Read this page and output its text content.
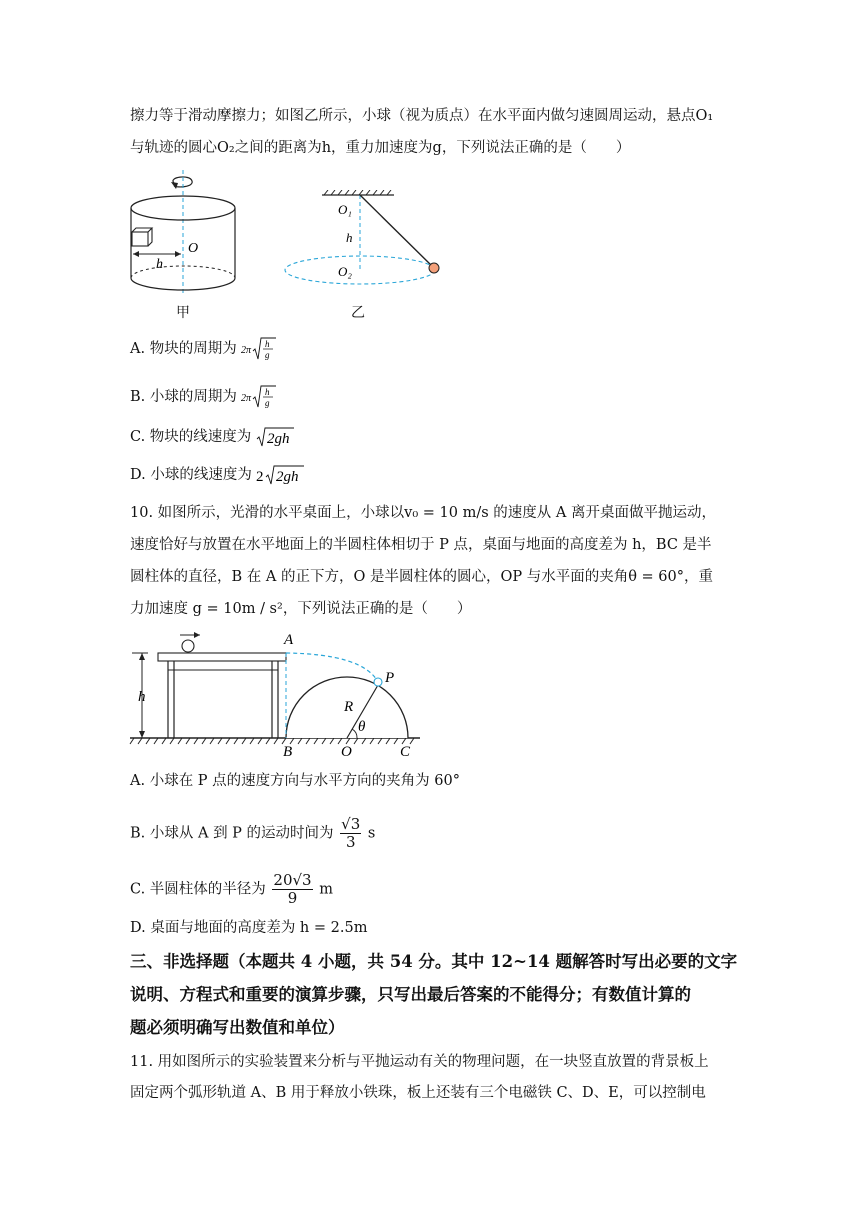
擦力等于滑动摩擦力；如图乙所示，小球（视为质点）在水平面内做匀速圆周运动，悬点O₁
与轨迹的圆心O₂之间的距离为h，重力加速度为g，下列说法正确的是（　　）
h
O
甲
O₁
h
O₂
乙
A. 物块的周期为 2π
h
g
B. 小球的周期为 2π
h
g
C. 物块的线速度为 2gh
D. 小球的线速度为 2 2gh
10. 如图所示，光滑的水平桌面上，小球以v₀ = 10 m/s 的速度从 A 离开桌面做平抛运动，
速度恰好与放置在水平地面上的半圆柱体相切于 P 点，桌面与地面的高度差为 h，BC 是半
圆柱体的直径，B 在 A 的正下方，O 是半圆柱体的圆心，OP 与水平面的夹角θ = 60°，重
力加速度 g = 10m / s²，下列说法正确的是（　　）
h
A
P
R
θ
B	O	C
A. 小球在 P 点的速度方向与水平方向的夹角为 60°
B. 小球从 A 到 P 的运动时间为 $\frac{√3}{3}$ s
C. 半圆柱体的半径为 $\frac{20√3}{9}$ m
D. 桌面与地面的高度差为 h = 2.5m
三、非选择题（本题共 4 小题，共 54 分。其中 12~14 题解答时写出必要的文字
说明、方程式和重要的演算步骤，只写出最后答案的不能得分；有数值计算的
题必须明确写出数值和单位）
11. 用如图所示的实验装置来分析与平抛运动有关的物理问题，在一块竖直放置的背景板上
固定两个弧形轨道 A、B 用于释放小铁珠，板上还装有三个电磁铁 C、D、E，可以控制电
